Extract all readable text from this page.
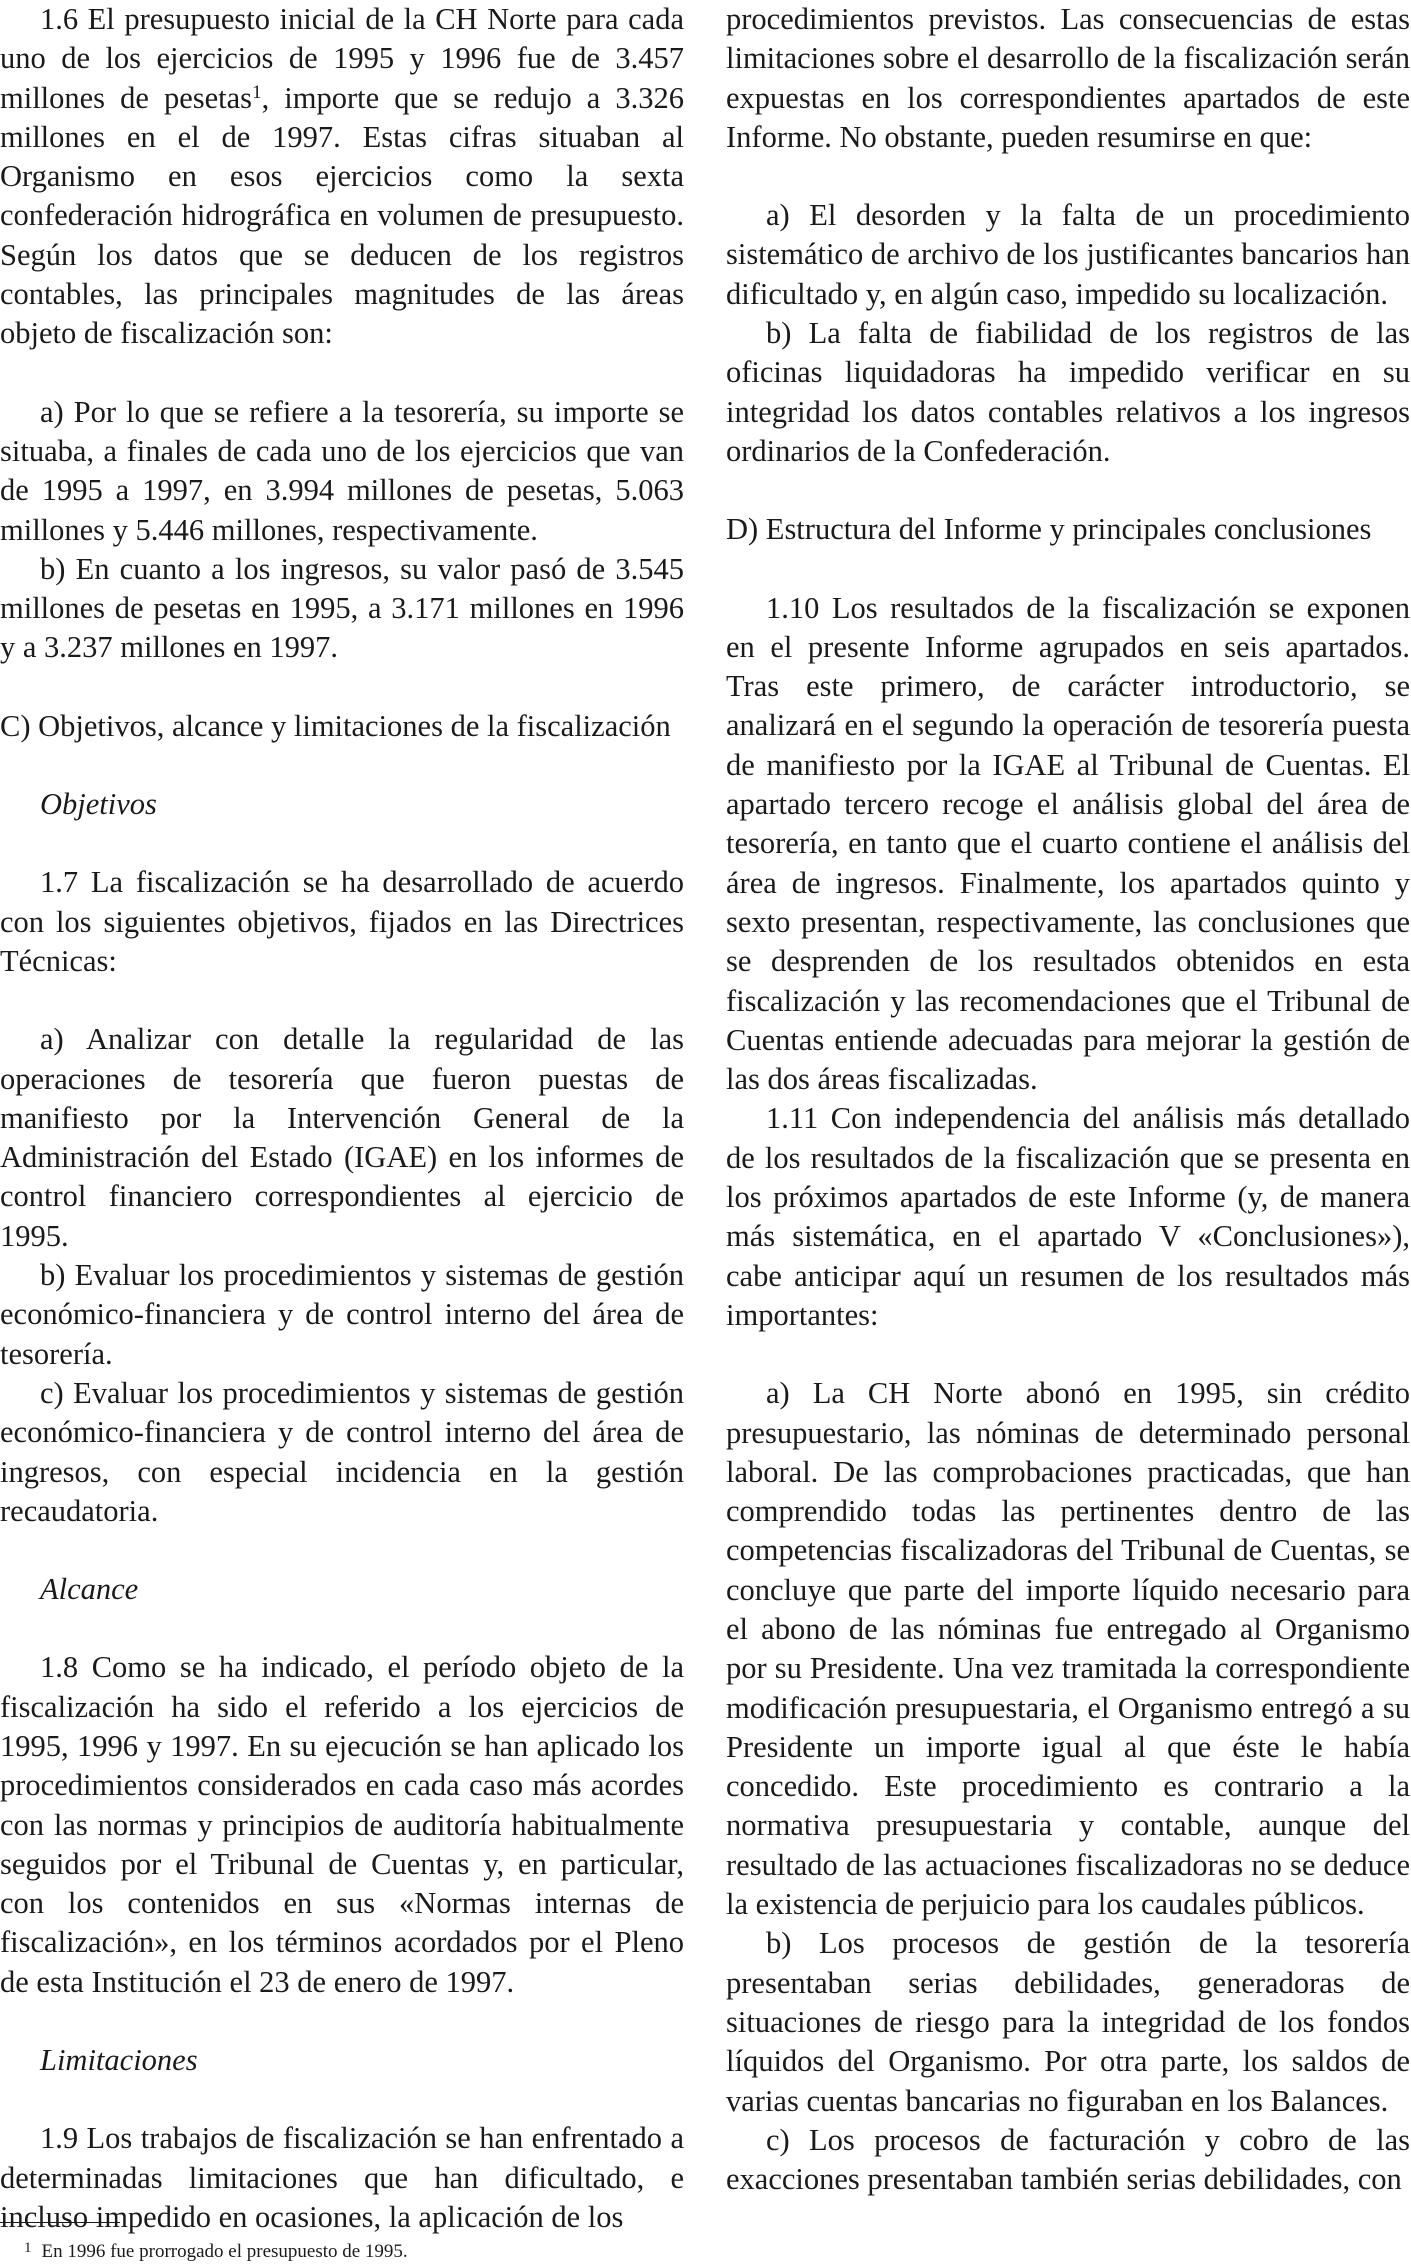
1.6 El presupuesto inicial de la CH Norte para cada uno de los ejercicios de 1995 y 1996 fue de 3.457 millones de pesetas$^1$, importe que se redujo a 3.326 millones en el de 1997. Estas cifras situaban al Organismo en esos ejercicios como la sexta confederación hidrográfica en volumen de presupuesto. Según los datos que se deducen de los registros contables, las principales magnitudes de las áreas objeto de fiscalización son:

a) Por lo que se refiere a la tesorería, su importe se situaba, a finales de cada uno de los ejercicios que van de 1995 a 1997, en 3.994 millones de pesetas, 5.063 millones y 5.446 millones, respectivamente.

b) En cuanto a los ingresos, su valor pasó de 3.545 millones de pesetas en 1995, a 3.171 millones en 1996 y a 3.237 millones en 1997.

C) Objetivos, alcance y limitaciones de la fiscalización

Objetivos

1.7 La fiscalización se ha desarrollado de acuerdo con los siguientes objetivos, fijados en las Directrices Técnicas:

a) Analizar con detalle la regularidad de las operaciones de tesorería que fueron puestas de manifiesto por la Intervención General de la Administración del Estado (IGAE) en los informes de control financiero correspondientes al ejercicio de 1995.

b) Evaluar los procedimientos y sistemas de gestión económico-financiera y de control interno del área de tesorería.

c) Evaluar los procedimientos y sistemas de gestión económico-financiera y de control interno del área de ingresos, con especial incidencia en la gestión recaudatoria.

Alcance

1.8 Como se ha indicado, el período objeto de la fiscalización ha sido el referido a los ejercicios de 1995, 1996 y 1997. En su ejecución se han aplicado los procedimientos considerados en cada caso más acordes con las normas y principios de auditoría habitualmente seguidos por el Tribunal de Cuentas y, en particular, con los contenidos en sus «Normas internas de fiscalización», en los términos acordados por el Pleno de esta Institución el 23 de enero de 1997.

Limitaciones

1.9 Los trabajos de fiscalización se han enfrentado a determinadas limitaciones que han dificultado, e incluso impedido en ocasiones, la aplicación de los

procedimientos previstos. Las consecuencias de estas limitaciones sobre el desarrollo de la fiscalización serán expuestas en los correspondientes apartados de este Informe. No obstante, pueden resumirse en que:

a) El desorden y la falta de un procedimiento sistemático de archivo de los justificantes bancarios han dificultado y, en algún caso, impedido su localización.

b) La falta de fiabilidad de los registros de las oficinas liquidadoras ha impedido verificar en su integridad los datos contables relativos a los ingresos ordinarios de la Confederación.

D) Estructura del Informe y principales conclusiones

1.10 Los resultados de la fiscalización se exponen en el presente Informe agrupados en seis apartados. Tras este primero, de carácter introductorio, se analizará en el segundo la operación de tesorería puesta de manifiesto por la IGAE al Tribunal de Cuentas. El apartado tercero recoge el análisis global del área de tesorería, en tanto que el cuarto contiene el análisis del área de ingresos. Finalmente, los apartados quinto y sexto presentan, respectivamente, las conclusiones que se desprenden de los resultados obtenidos en esta fiscalización y las recomendaciones que el Tribunal de Cuentas entiende adecuadas para mejorar la gestión de las dos áreas fiscalizadas.

1.11 Con independencia del análisis más detallado de los resultados de la fiscalización que se presenta en los próximos apartados de este Informe (y, de manera más sistemática, en el apartado V «Conclusiones»), cabe anticipar aquí un resumen de los resultados más importantes:

a) La CH Norte abonó en 1995, sin crédito presupuestario, las nóminas de determinado personal laboral. De las comprobaciones practicadas, que han comprendido todas las pertinentes dentro de las competencias fiscalizadoras del Tribunal de Cuentas, se concluye que parte del importe líquido necesario para el abono de las nóminas fue entregado al Organismo por su Presidente. Una vez tramitada la correspondiente modificación presupuestaria, el Organismo entregó a su Presidente un importe igual al que éste le había concedido. Este procedimiento es contrario a la normativa presupuestaria y contable, aunque del resultado de las actuaciones fiscalizadoras no se deduce la existencia de perjuicio para los caudales públicos.

b) Los procesos de gestión de la tesorería presentaban serias debilidades, generadoras de situaciones de riesgo para la integridad de los fondos líquidos del Organismo. Por otra parte, los saldos de varias cuentas bancarias no figuraban en los Balances.

c) Los procesos de facturación y cobro de las exacciones presentaban también serias debilidades, con

$^1$ En 1996 fue prorrogado el presupuesto de 1995.
